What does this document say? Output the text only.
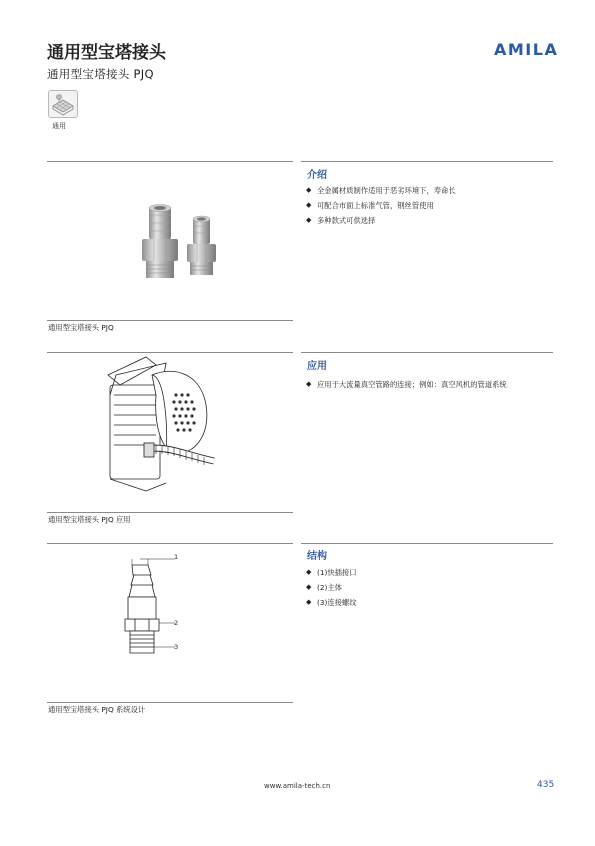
通用型宝塔接头
通用型宝塔接头 PJQ
AMILA
通用
介绍
◆ 全金属材质制作适用于恶劣环境下，寿命长
◆ 可配合市面上标准气管，钢丝管使用
◆ 多种款式可供选择
通用型宝塔接头 PJQ
应用
◆ 应用于大流量真空管路的连接；例如：真空风机的管道系统
通用型宝塔接头 PJQ 应用
结构
◆ (1)快插接口
◆ (2)主体
◆ (3)连接螺纹
1
2
3
通用型宝塔接头 PJQ 系统设计
www.amila-tech.cn	435
